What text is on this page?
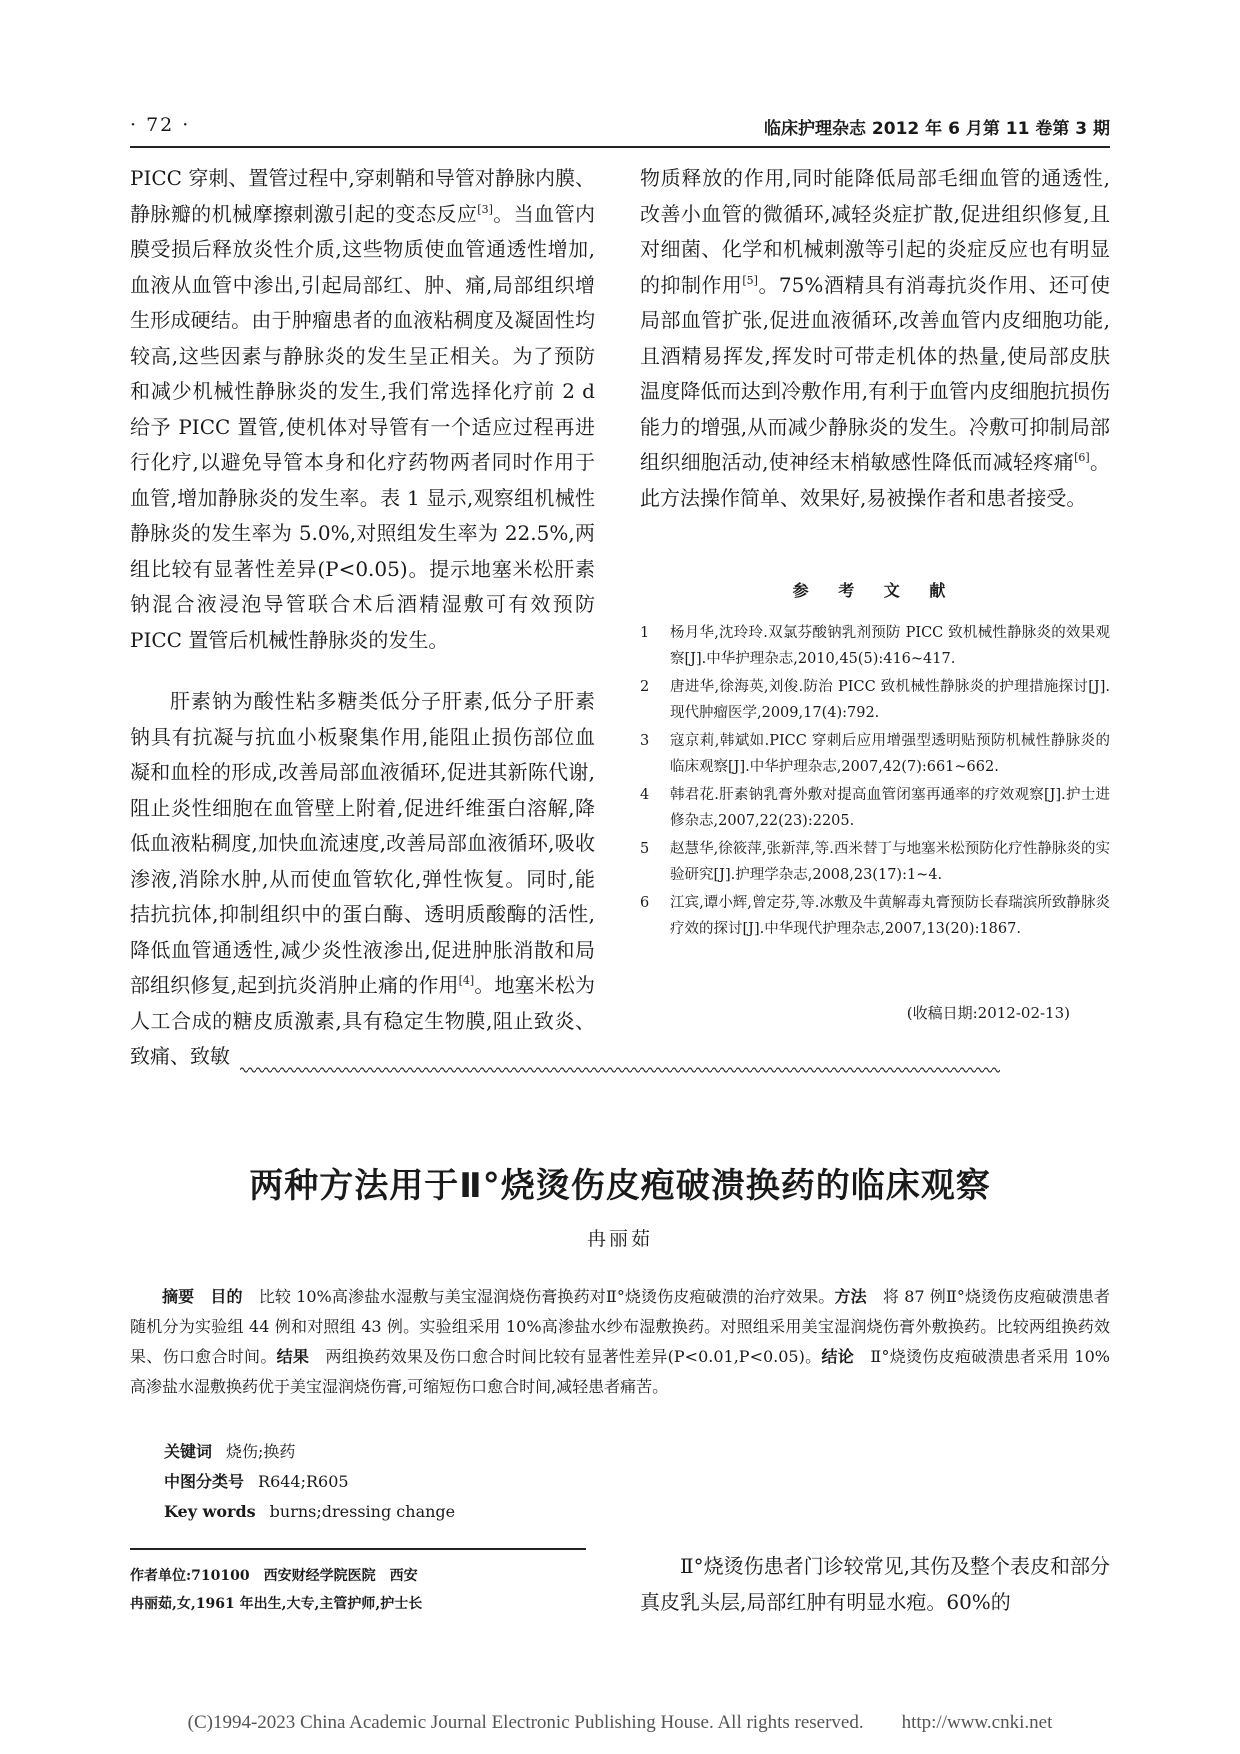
· 72 ·	临床护理杂志 2012 年 6 月第 11 卷第 3 期

PICC 穿刺、置管过程中,穿刺鞘和导管对静脉内膜、静脉瓣的机械摩擦刺激引起的变态反应[3]。当血管内膜受损后释放炎性介质,这些物质使血管通透性增加,血液从血管中渗出,引起局部红、肿、痛,局部组织增生形成硬结。由于肿瘤患者的血液粘稠度及凝固性均较高,这些因素与静脉炎的发生呈正相关。为了预防和减少机械性静脉炎的发生,我们常选择化疗前 2 d 给予 PICC 置管,使机体对导管有一个适应过程再进行化疗,以避免导管本身和化疗药物两者同时作用于血管,增加静脉炎的发生率。表 1 显示,观察组机械性静脉炎的发生率为 5.0%,对照组发生率为 22.5%,两组比较有显著性差异(P<0.05)。提示地塞米松肝素钠混合液浸泡导管联合术后酒精湿敷可有效预防 PICC 置管后机械性静脉炎的发生。

肝素钠为酸性粘多糖类低分子肝素,低分子肝素钠具有抗凝与抗血小板聚集作用,能阻止损伤部位血凝和血栓的形成,改善局部血液循环,促进其新陈代谢,阻止炎性细胞在血管壁上附着,促进纤维蛋白溶解,降低血液粘稠度,加快血流速度,改善局部血液循环,吸收渗液,消除水肿,从而使血管软化,弹性恢复。同时,能拮抗抗体,抑制组织中的蛋白酶、透明质酸酶的活性,降低血管通透性,减少炎性液渗出,促进肿胀消散和局部组织修复,起到抗炎消肿止痛的作用[4]。地塞米松为人工合成的糖皮质激素,具有稳定生物膜,阻止致炎、致痛、致敏

物质释放的作用,同时能降低局部毛细血管的通透性,改善小血管的微循环,减轻炎症扩散,促进组织修复,且对细菌、化学和机械刺激等引起的炎症反应也有明显的抑制作用[5]。75%酒精具有消毒抗炎作用、还可使局部血管扩张,促进血液循环,改善血管内皮细胞功能,且酒精易挥发,挥发时可带走机体的热量,使局部皮肤温度降低而达到冷敷作用,有利于血管内皮细胞抗损伤能力的增强,从而减少静脉炎的发生。冷敷可抑制局部组织细胞活动,使神经末梢敏感性降低而减轻疼痛[6]。此方法操作简单、效果好,易被操作者和患者接受。

参 考 文 献
1	杨月华,沈玲玲.双氯芬酸钠乳剂预防 PICC 致机械性静脉炎的效果观察[J].中华护理杂志,2010,45(5):416~417.
2	唐进华,徐海英,刘俊.防治 PICC 致机械性静脉炎的护理措施探讨[J].现代肿瘤医学,2009,17(4):792.
3	寇京莉,韩斌如.PICC 穿刺后应用增强型透明贴预防机械性静脉炎的临床观察[J].中华护理杂志,2007,42(7):661~662.
4	韩君花.肝素钠乳膏外敷对提高血管闭塞再通率的疗效观察[J].护士进修杂志,2007,22(23):2205.
5	赵慧华,徐筱萍,张新萍,等.西米替丁与地塞米松预防化疗性静脉炎的实验研究[J].护理学杂志,2008,23(17):1~4.
6	江宾,谭小辉,曾定芬,等.冰敷及牛黄解毒丸膏预防长春瑞滨所致静脉炎疗效的探讨[J].中华现代护理杂志,2007,13(20):1867.
(收稿日期:2012-02-13)
两种方法用于Ⅱ°烧烫伤皮疱破溃换药的临床观察
冉丽茹
摘要　 目的　 比较 10%高渗盐水湿敷与美宝湿润烧伤膏换药对Ⅱ°烧烫伤皮疱破溃的治疗效果。方法　 将 87 例Ⅱ°烧烫伤皮疱破溃患者随机分为实验组 44 例和对照组 43 例。实验组采用 10%高渗盐水纱布湿敷换药。对照组采用美宝湿润烧伤膏外敷换药。比较两组换药效果、伤口愈合时间。结果　 两组换药效果及伤口愈合时间比较有显著性差异(P<0.01,P<0.05)。结论　 Ⅱ°烧烫伤皮疱破溃患者采用 10%高渗盐水湿敷换药优于美宝湿润烧伤膏,可缩短伤口愈合时间,减轻患者痛苦。
关键词 烧伤;换药
中图分类号 R644;R605
Key words burns;dressing change

作者单位:710100　西安财经学院医院　西安

冉丽茹,女,1961 年出生,大专,主管护师,护士长

Ⅱ°烧烫伤患者门诊较常见,其伤及整个表皮和部分真皮乳头层,局部红肿有明显水疱。60%的

(C)1994-2023 China Academic Journal Electronic Publishing House. All rights reserved.　　http://www.cnki.net
